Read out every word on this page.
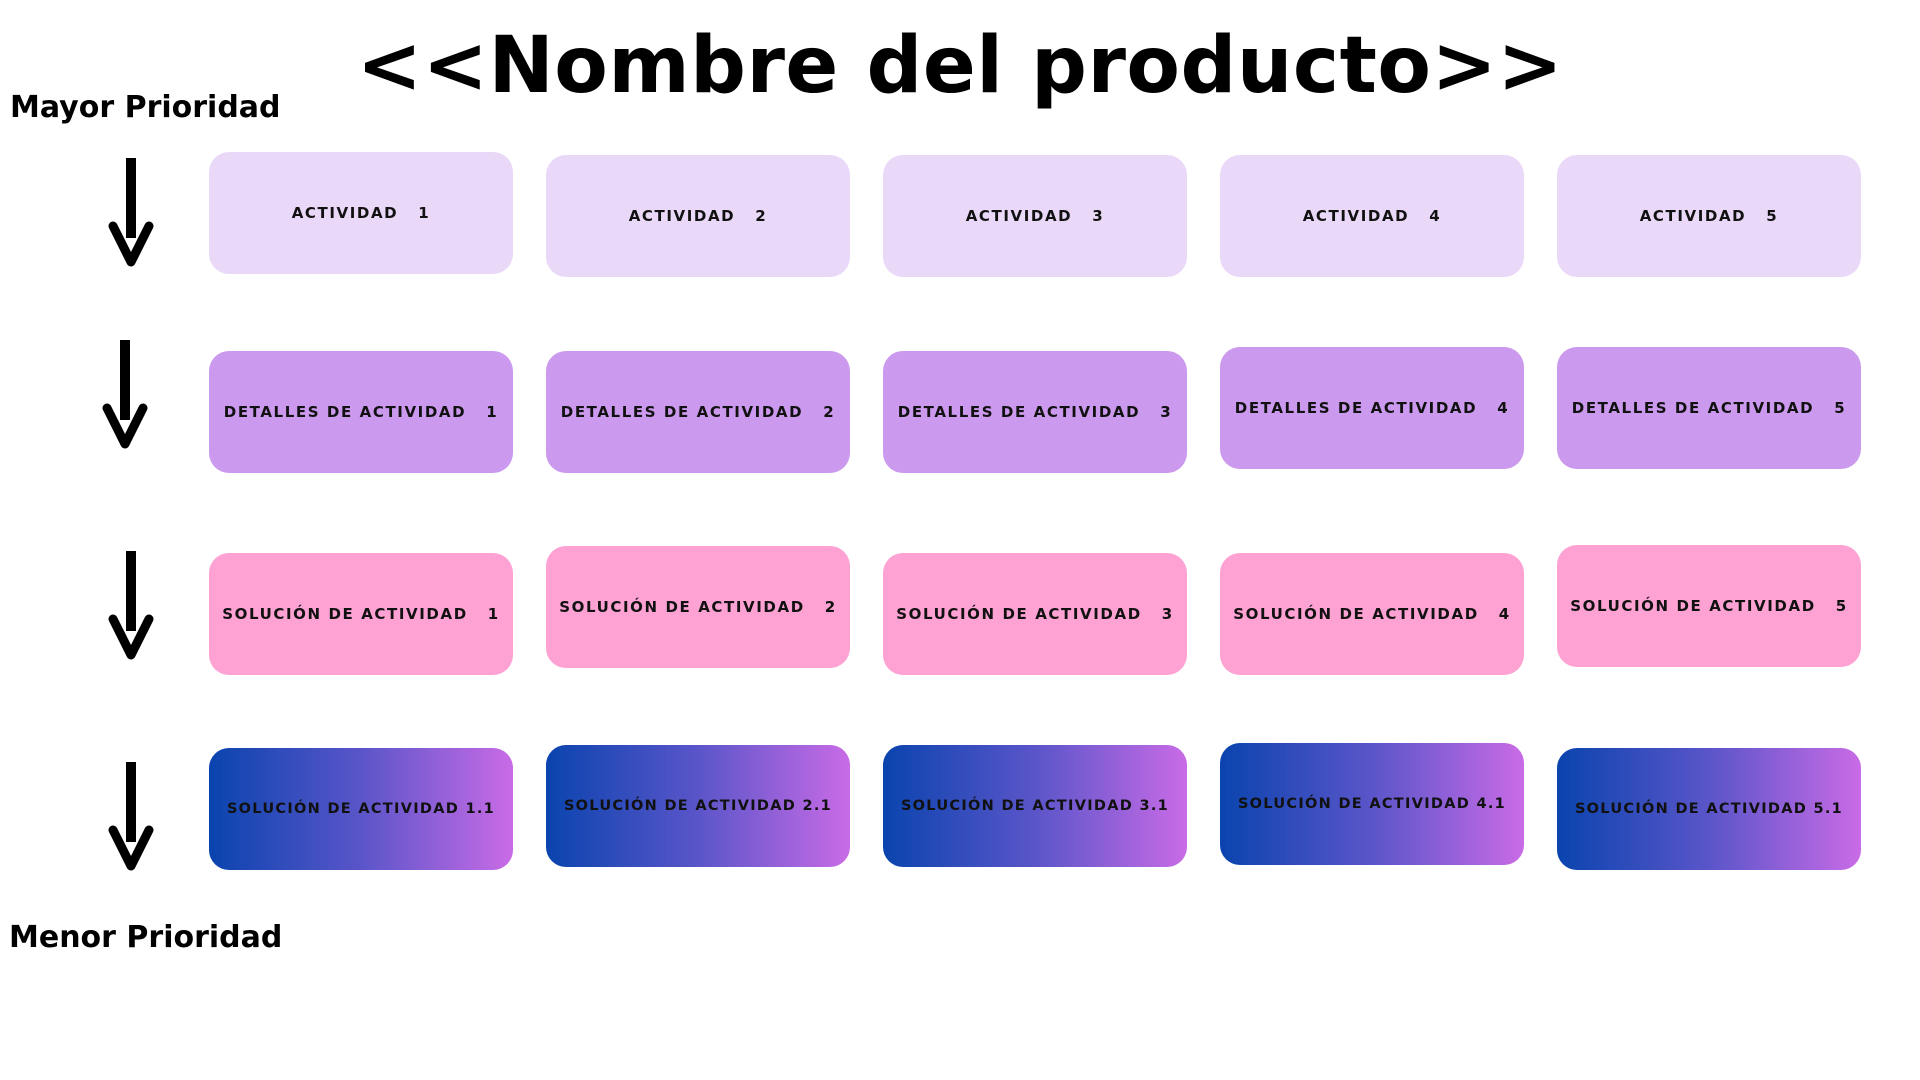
<<Nombre del producto>>
Mayor Prioridad
Menor Prioridad
ACTIVIDAD 1	ACTIVIDAD 2	ACTIVIDAD 3	ACTIVIDAD 4	ACTIVIDAD 5
DETALLES DE ACTIVIDAD 1	DETALLES DE ACTIVIDAD 2	DETALLES DE ACTIVIDAD 3	DETALLES DE ACTIVIDAD 4	DETALLES DE ACTIVIDAD 5
SOLUCIÓN DE ACTIVIDAD 1	SOLUCIÓN DE ACTIVIDAD 2	SOLUCIÓN DE ACTIVIDAD 3	SOLUCIÓN DE ACTIVIDAD 4	SOLUCIÓN DE ACTIVIDAD 5
SOLUCIÓN DE ACTIVIDAD 1.1	SOLUCIÓN DE ACTIVIDAD 2.1	SOLUCIÓN DE ACTIVIDAD 3.1	SOLUCIÓN DE ACTIVIDAD 4.1	SOLUCIÓN DE ACTIVIDAD 5.1
